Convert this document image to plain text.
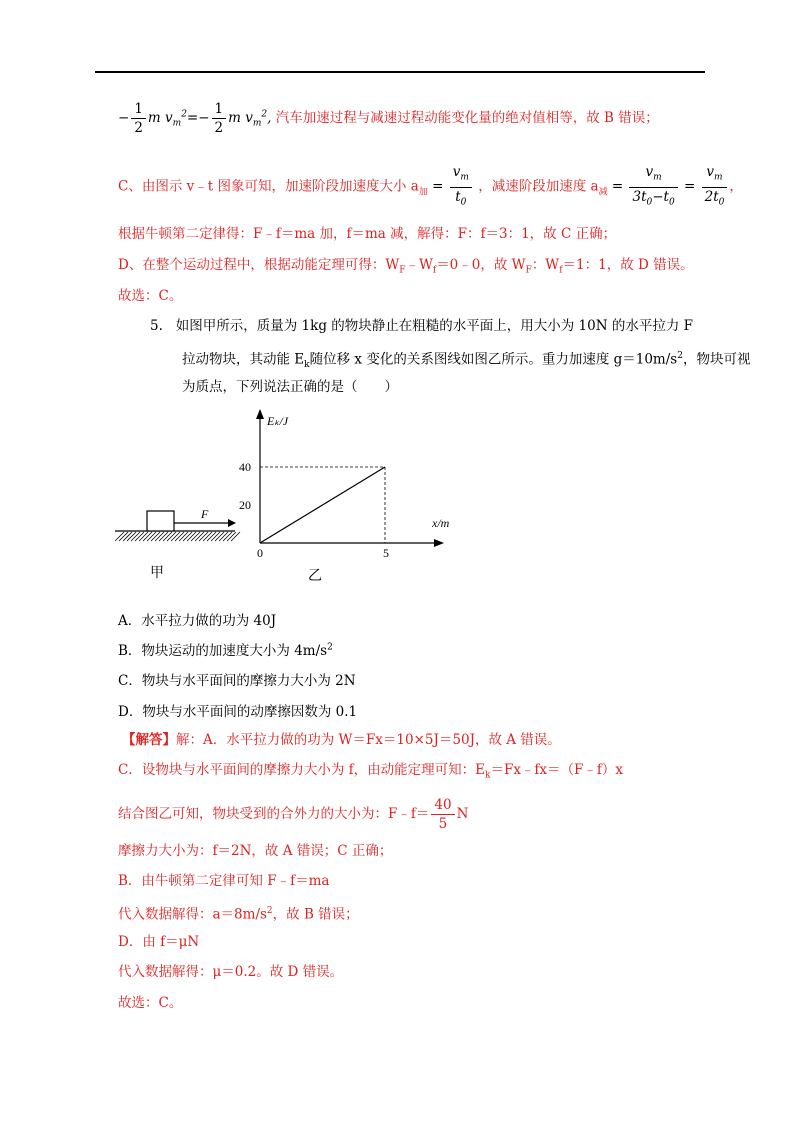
− $\frac{1}{2}$ m $v_m^2=- \frac{1}{2}$ m $v_m^2$, 汽车加速过程与减速过程动能变化量的绝对值相等，故 B 错误；
C、由图示 v﹣t 图象可知，加速阶段加速度大小 $a_加 = \frac{v_m}{t_0}$ ，减速阶段加速度 $a_减 = \frac{v_m}{3t_0-t_0} = \frac{v_m}{2t_0}$ ，
根据牛顿第二定律得：F﹣f＝ma 加，f＝ma 减，解得：F：f＝3：1，故 C 正确；
D、在整个运动过程中，根据动能定理可得：$W_F﹣W_f=0﹣0$，故 $W_F$：$W_f=1$：1，故 D 错误。
故选：C。
5. 如图甲所示，质量为 1kg 的物块静止在粗糙的水平面上，用大小为 10N 的水平拉力 F
拉动物块，其动能 $E_k$随位移 x 变化的关系图线如图乙所示。重力加速度 $g=10m/s^2$，物块可视
为质点，下列说法正确的是（　　）
F
甲
Eₖ/J
x/m
0
40
20
5
乙
A．水平拉力做的功为 40J
B．物块运动的加速度大小为 $4m/s^2$
C．物块与水平面间的摩擦力大小为 2N
D．物块与水平面间的动摩擦因数为 0.1
【解答】解：A．水平拉力做的功为 W＝Fx＝10×5J＝50J，故 A 错误。
C．设物块与水平面间的摩擦力大小为 f，由动能定理可知：$E_k=Fx﹣fx=(F﹣f)x$
结合图乙可知，物块受到的合外力的大小为：F﹣f＝ $\frac{40}{5}$ N
摩擦力大小为：f＝2N，故 A 错误；C 正确；
B．由牛顿第二定律可知 F﹣f＝ma
代入数据解得：$a=8m/s^2$，故 B 错误；
D．由 f＝μN
代入数据解得：μ＝0.2。故 D 错误。
故选：C。
